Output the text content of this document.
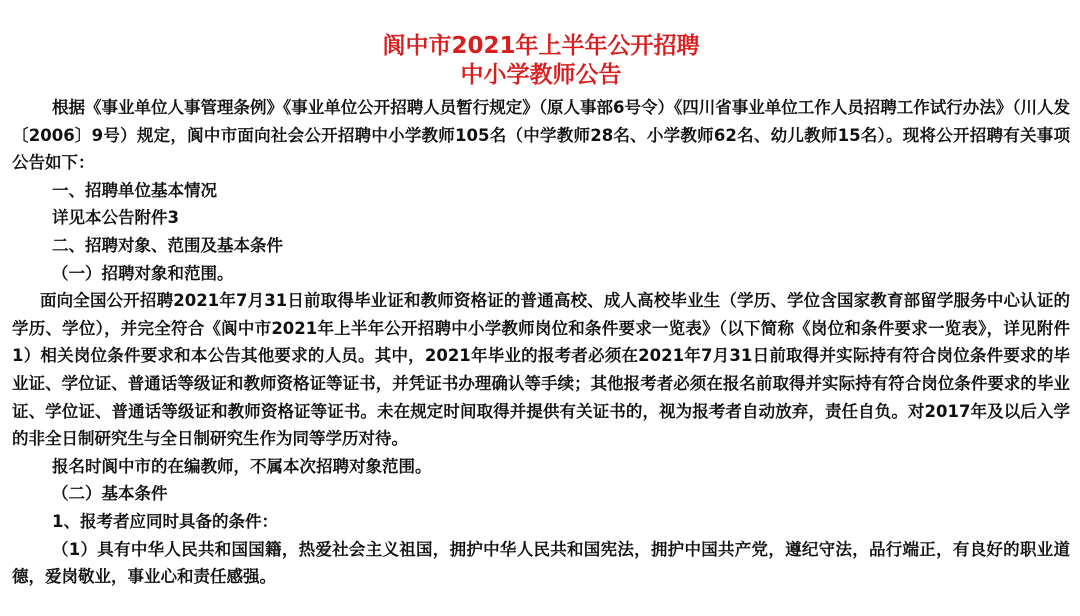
阆中市2021年上半年公开招聘
中小学教师公告

根据《事业单位人事管理条例》《事业单位公开招聘人员暂行规定》（原人事部6号令）《四川省事业单位工作人员招聘工作试行办法》（川人发〔2006〕9号）规定，阆中市面向社会公开招聘中小学教师105名（中学教师28名、小学教师62名、幼儿教师15名）。现将公开招聘有关事项公告如下：

一、招聘单位基本情况

详见本公告附件3

二、招聘对象、范围及基本条件

（一）招聘对象和范围。

面向全国公开招聘2021年7月31日前取得毕业证和教师资格证的普通高校、成人高校毕业生（学历、学位含国家教育部留学服务中心认证的学历、学位），并完全符合《阆中市2021年上半年公开招聘中小学教师岗位和条件要求一览表》（以下简称《岗位和条件要求一览表》，详见附件1）相关岗位条件要求和本公告其他要求的人员。其中，2021年毕业的报考者必须在2021年7月31日前取得并实际持有符合岗位条件要求的毕业证、学位证、普通话等级证和教师资格证等证书，并凭证书办理确认等手续；其他报考者必须在报名前取得并实际持有符合岗位条件要求的毕业证、学位证、普通话等级证和教师资格证等证书。未在规定时间取得并提供有关证书的，视为报考者自动放弃，责任自负。对2017年及以后入学的非全日制研究生与全日制研究生作为同等学历对待。

报名时阆中市的在编教师，不属本次招聘对象范围。

（二）基本条件

1、报考者应同时具备的条件：

（1）具有中华人民共和国国籍，热爱社会主义祖国，拥护中华人民共和国宪法，拥护中国共产党，遵纪守法，品行端正，有良好的职业道德，爱岗敬业，事业心和责任感强。
